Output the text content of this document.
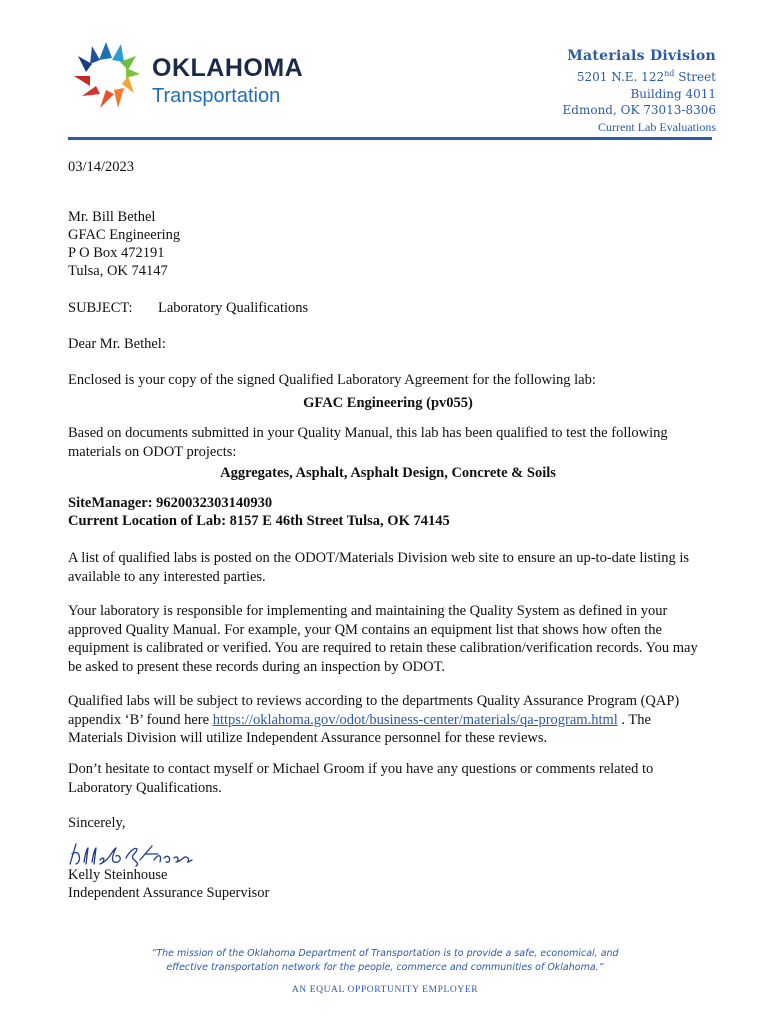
OKLAHOMA
Transportation
Materials Division
5201 N.E. 122nd Street
Building 4011
Edmond, OK 73013-8306
Current Lab Evaluations
03/14/2023
Mr. Bill Bethel
GFAC Engineering
P O Box 472191
Tulsa, OK 74147
SUBJECT: Laboratory Qualifications
Dear Mr. Bethel:
Enclosed is your copy of the signed Qualified Laboratory Agreement for the following lab:
GFAC Engineering (pv055)

Based on documents submitted in your Quality Manual, this lab has been qualified to test the following materials on ODOT projects:

Aggregates, Asphalt, Asphalt Design, Concrete & Soils
SiteManager: 9620032303140930
Current Location of Lab: 8157 E 46th Street Tulsa, OK 74145

A list of qualified labs is posted on the ODOT/Materials Division web site to ensure an up-to-date listing is available to any interested parties.

Your laboratory is responsible for implementing and maintaining the Quality System as defined in your approved Quality Manual. For example, your QM contains an equipment list that shows how often the equipment is calibrated or verified. You are required to retain these calibration/verification records. You may be asked to present these records during an inspection by ODOT.

Qualified labs will be subject to reviews according to the departments Quality Assurance Program (QAP) appendix ‘B’ found here https://oklahoma.gov/odot/business-center/materials/qa-program.html . The Materials Division will utilize Independent Assurance personnel for these reviews.

Don’t hesitate to contact myself or Michael Groom if you have any questions or comments related to Laboratory Qualifications.

Sincerely,
Kelly Steinhouse
Independent Assurance Supervisor
“The mission of the Oklahoma Department of Transportation is to provide a safe, economical, and
effective transportation network for the people, commerce and communities of Oklahoma.”
AN EQUAL OPPORTUNITY EMPLOYER
